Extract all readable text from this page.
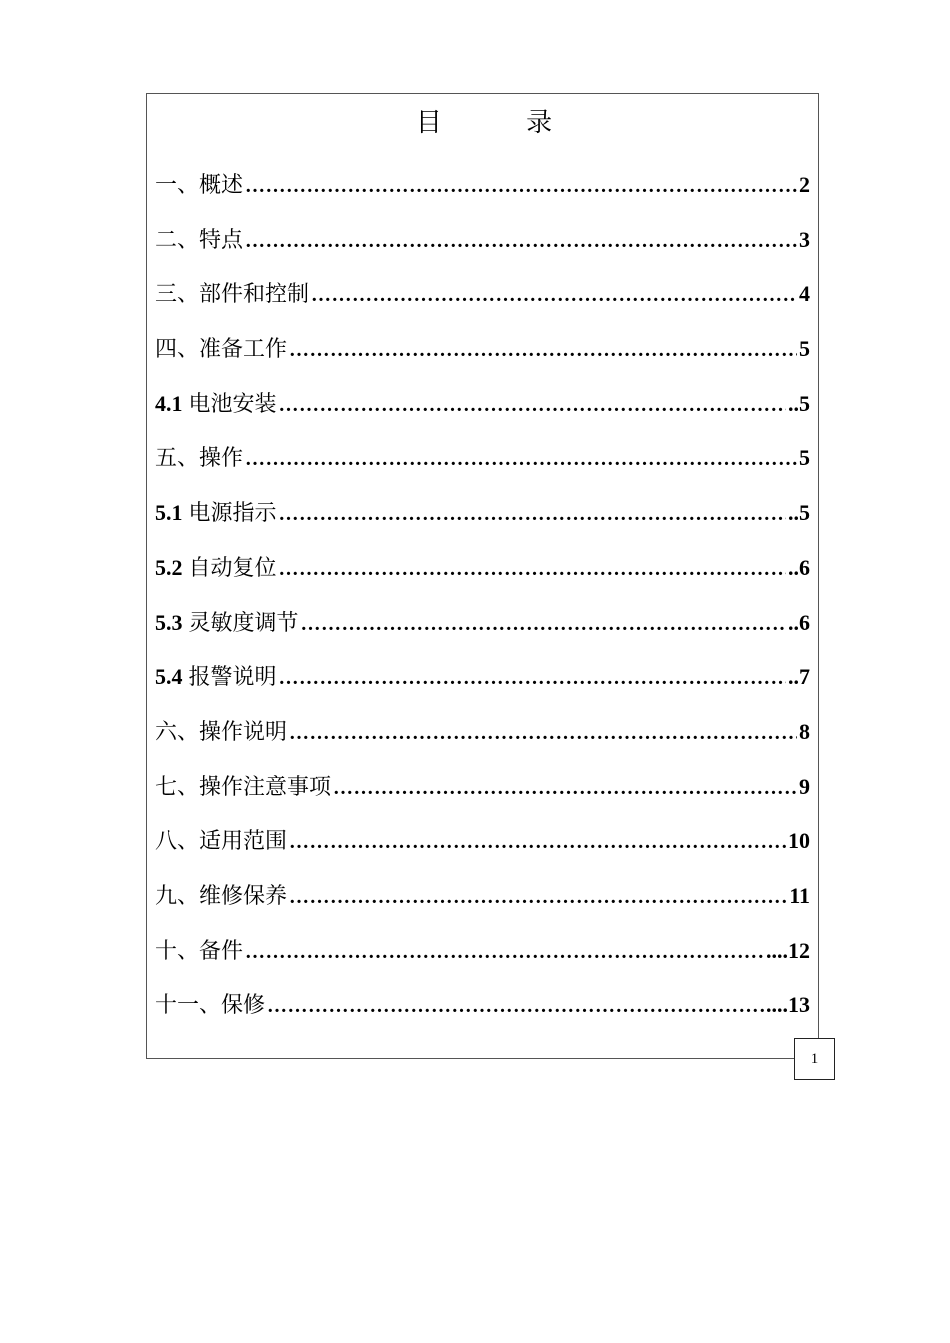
目 录
一、概述 ……………………………………………………………………………………………………………………………………………………	2
二、特点 ……………………………………………………………………………………………………………………………………………………	3
三、部件和控制 ……………………………………………………………………………………………………………………………………………………	4
四、准备工作 ……………………………………………………………………………………………………………………………………………………	5
4.1 电池安装 ……………………………………………………………………………………………………………………………………………………	..5
五、操作 ……………………………………………………………………………………………………………………………………………………	5
5.1 电源指示 ……………………………………………………………………………………………………………………………………………………	..5
5.2 自动复位 ……………………………………………………………………………………………………………………………………………………	..6
5.3 灵敏度调节 ……………………………………………………………………………………………………………………………………………………	..6
5.4 报警说明 ……………………………………………………………………………………………………………………………………………………	..7
六、操作说明 ……………………………………………………………………………………………………………………………………………………	8
七、操作注意事项 ……………………………………………………………………………………………………………………………………………………	9
八、适用范围 ……………………………………………………………………………………………………………………………………………………	10
九、维修保养 ……………………………………………………………………………………………………………………………………………………	11
十、备件 ……………………………………………………………………………………………………………………………………………………	....12
十一、保修 ……………………………………………………………………………………………………………………………………………………	....13
1
